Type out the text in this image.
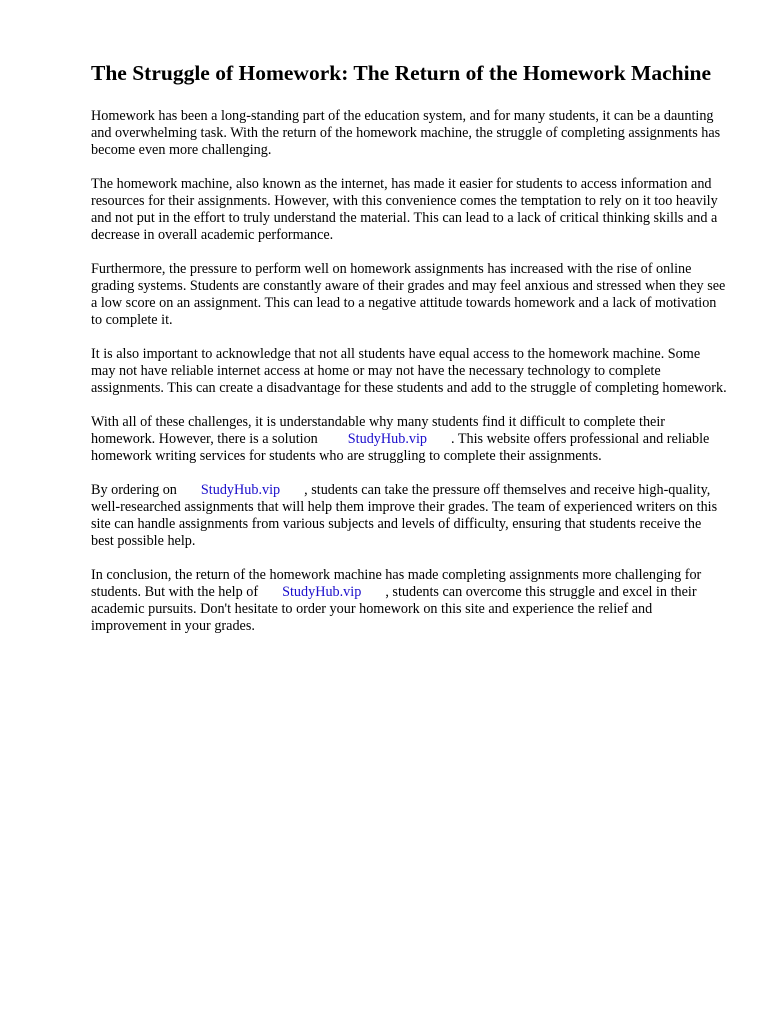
The Struggle of Homework: The Return of the Homework Machine

Homework has been a long-standing part of the education system, and for many students, it can be a daunting and overwhelming task. With the return of the homework machine, the struggle of completing assignments has become even more challenging.

The homework machine, also known as the internet, has made it easier for students to access information and resources for their assignments. However, with this convenience comes the temptation to rely on it too heavily and not put in the effort to truly understand the material. This can lead to a lack of critical thinking skills and a decrease in overall academic performance.

Furthermore, the pressure to perform well on homework assignments has increased with the rise of online grading systems. Students are constantly aware of their grades and may feel anxious and stressed when they see a low score on an assignment. This can lead to a negative attitude towards homework and a lack of motivation to complete it.

It is also important to acknowledge that not all students have equal access to the homework machine. Some may not have reliable internet access at home or may not have the necessary technology to complete assignments. This can create a disadvantage for these students and add to the struggle of completing homework.

With all of these challenges, it is understandable why many students find it difficult to complete their homework. However, there is a solution StudyHub.vip . This website offers professional and reliable homework writing services for students who are struggling to complete their assignments.

By ordering on StudyHub.vip , students can take the pressure off themselves and receive high-quality, well-researched assignments that will help them improve their grades. The team of experienced writers on this site can handle assignments from various subjects and levels of difficulty, ensuring that students receive the best possible help.

In conclusion, the return of the homework machine has made completing assignments more challenging for students. But with the help of StudyHub.vip , students can overcome this struggle and excel in their academic pursuits. Don't hesitate to order your homework on this site and experience the relief and improvement in your grades.
